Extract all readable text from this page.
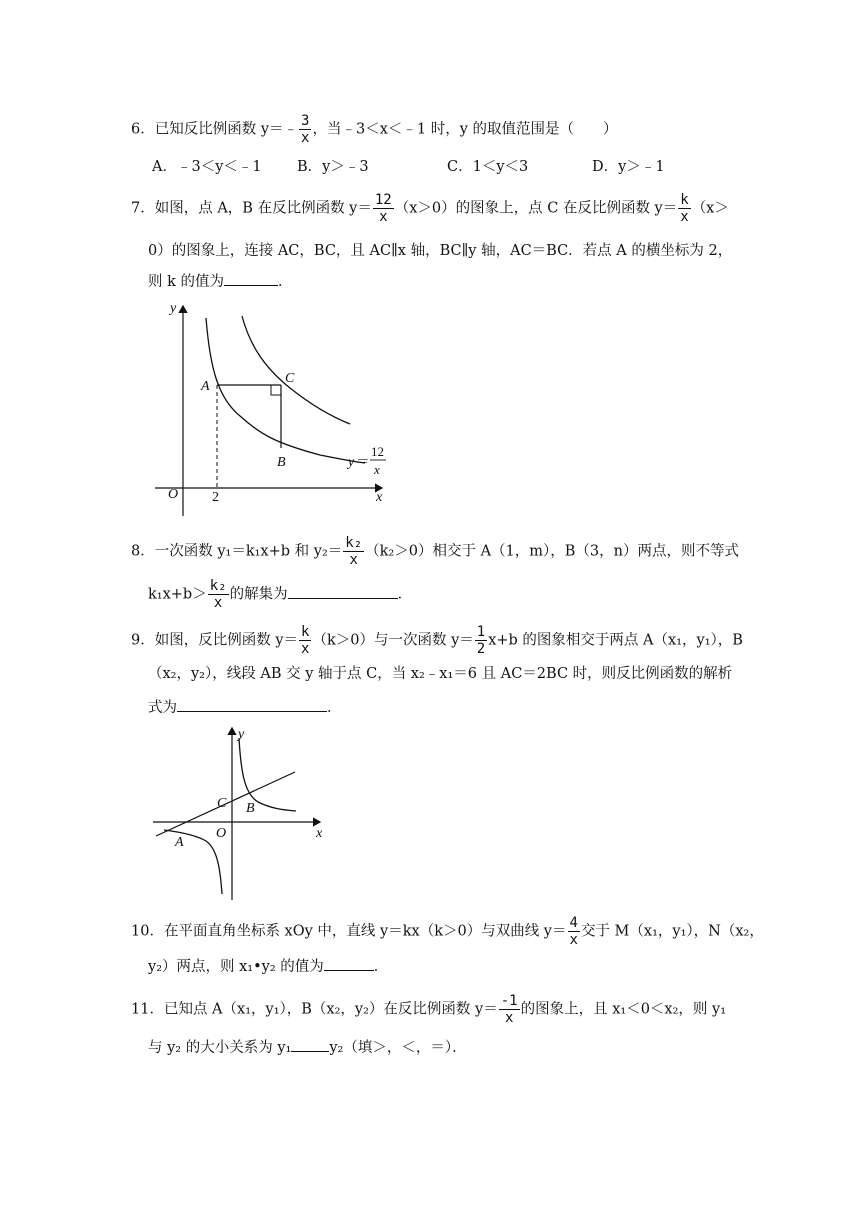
6．已知反比例函数 y＝﹣ $\frac{3}{x}$ ，当﹣3＜x＜﹣1 时，y 的取值范围是（　　）
A．﹣3＜y＜﹣1 B．y＞﹣3	C．1＜y＜3	D．y＞﹣1
7．如图，点 A，B 在反比例函数 $y= \frac{12}{x} (x>0)$的图象上，点 C 在反比例函数 $y= \frac{k}{x} (x>$
0）的图象上，连接 AC，BC，且 AC∥x 轴，BC∥y 轴，AC＝BC．若点 A 的横坐标为 2，
则 k 的值为	．
y
x
O 2
A
B
C
y＝
12
x
8．一次函数 y₁＝k₁x+b 和 $y_2= \frac{\text{k₂}}{x} (k_2>0)$相交于 A（1，m），B（3，n）两点，则不等式
$k_1x+b> \frac{\text{k₂}}{x}$ 的解集为	．
9．如图，反比例函数 $y= \frac{k}{x} (k>0)$与一次函数 $y= \frac{1}{2} x+b$ 的图象相交于两点 A（x₁，y₁），B
（x₂，y₂），线段 AB 交 y 轴于点 C，当 x₂﹣x₁＝6 且 AC＝2BC 时，则反比例函数的解析
式为	．
y
x
O
A
B
C
10．在平面直角坐标系 xOy 中，直线 y＝kx（k＞0）与双曲线 $y= \frac{4}{x}$ 交于 M（x₁，y₁），N（x₂，
y₂）两点，则 x₁•y₂ 的值为	．
11．已知点 A（x₁，y₁），B（x₂，y₂）在反比例函数 $y= \frac{-1}{x}$ 的图象上，且 x₁＜0＜x₂，则 y₁
与 y₂ 的大小关系为 y₁	y₂（填＞，＜，＝）．
